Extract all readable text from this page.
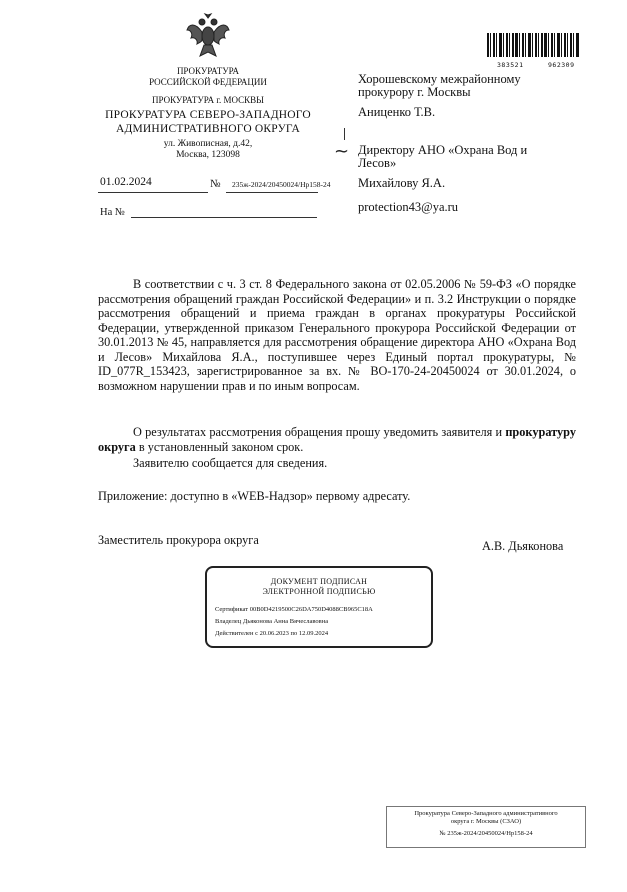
383521	962309
ПРОКУРАТУРА
РОССИЙСКОЙ ФЕДЕРАЦИИ
ПРОКУРАТУРА г. МОСКВЫ
ПРОКУРАТУРА СЕВЕРО-ЗАПАДНОГО
АДМИНИСТРАТИВНОГО ОКРУГА
ул. Живописная, д.42,
Москва, 123098
01.02.2024	№ 235ж-2024/20450024/Нр158-24
На №
Хорошевскому межрайонному
прокурору г. Москвы
Аниценко Т.В.
~ Директору АНО «Охрана Вод и
Лесов»
Михайлову Я.А.
protection43@ya.ru
В соответствии с ч. 3 ст. 8 Федерального закона от 02.05.2006 № 59-ФЗ «О порядке рассмотрения обращений граждан Российской Федерации» и п. 3.2 Инструкции о порядке рассмотрения обращений и приема граждан в органах прокуратуры Российской Федерации, утвержденной приказом Генерального прокурора Российской Федерации от 30.01.2013 № 45, направляется для рассмотрения обращение директора АНО «Охрана Вод и Лесов» Михайлова Я.А., поступившее через Единый портал прокуратуры, № ID_077R_153423, зарегистрированное за вх. № ВО-170-24-20450024 от 30.01.2024, о возможном нарушении прав и по иным вопросам.
О результатах рассмотрения обращения прошу уведомить заявителя и прокуратуру округа в установленный законом срок.
Заявителю сообщается для сведения.
Приложение: доступно в «WEB-Надзор» первому адресату.
Заместитель прокурора округа	А.В. Дьяконова
ДОКУМЕНТ ПОДПИСАН
ЭЛЕКТРОННОЙ ПОДПИСЬЮ
Сертификат 00B0D4219500C26DA750D4088CB965C18A
Владелец Дьяконова Анна Вячеславовна
Действителен с 20.06.2023 по 12.09.2024
Прокуратура Северо-Западного административного
округа г. Москвы (СЗАО)
№ 235ж-2024/20450024/Нр158-24
